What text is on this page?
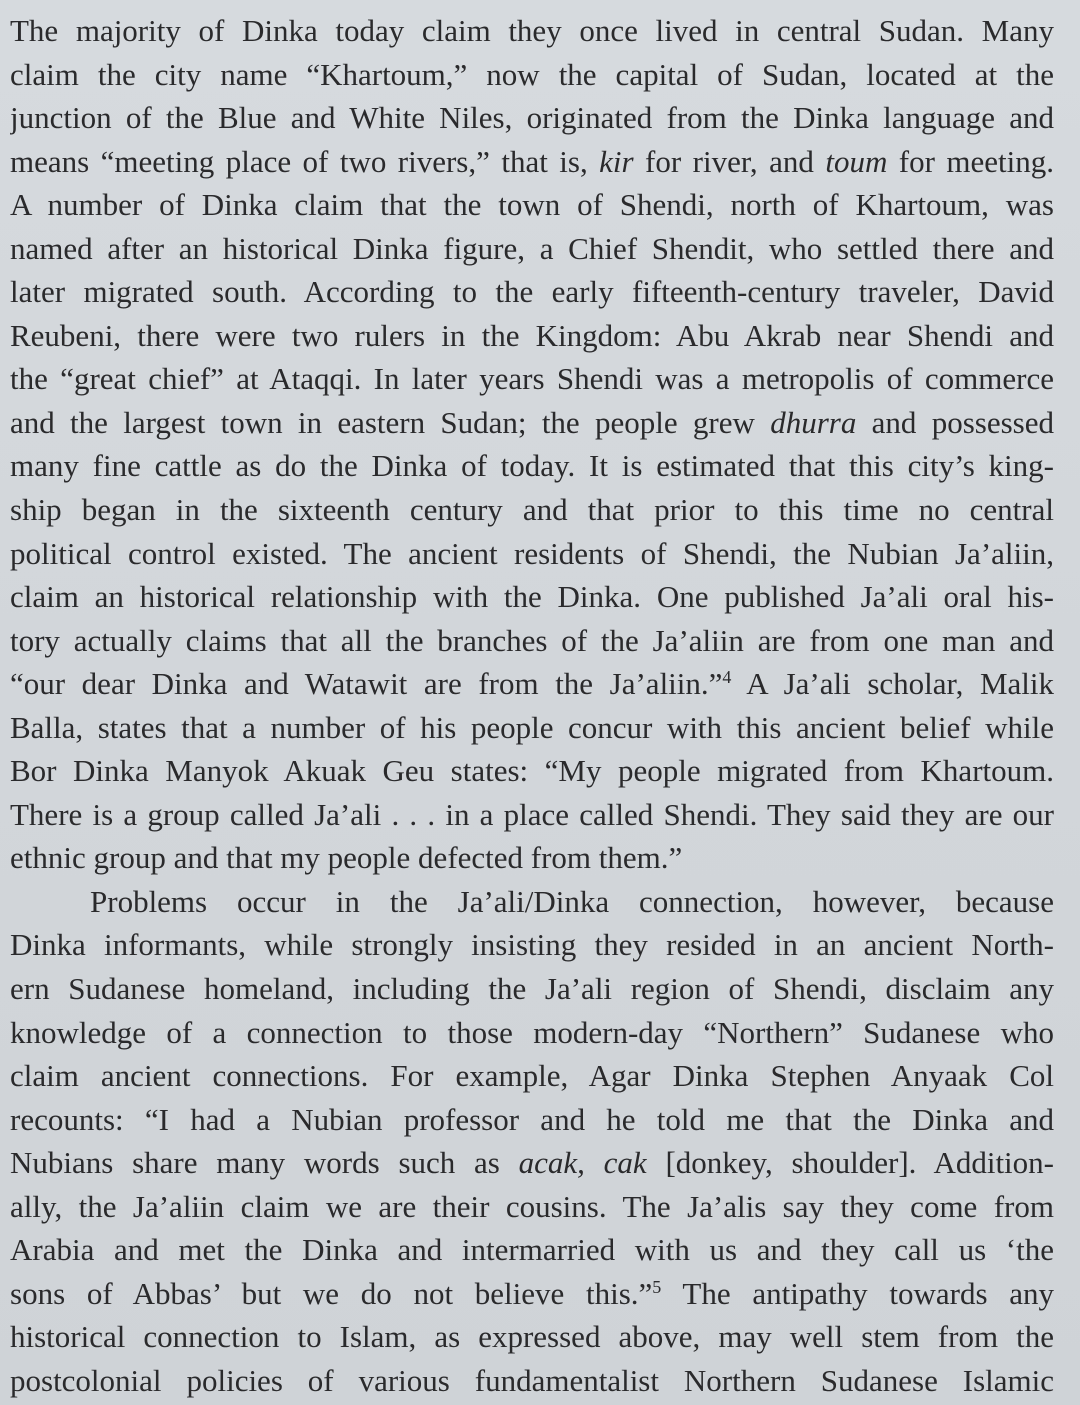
The majority of Dinka today claim they once lived in central Sudan. Many
claim the city name “Khartoum,” now the capital of Sudan, located at the
junction of the Blue and White Niles, originated from the Dinka language and
means “meeting place of two rivers,” that is, kir for river, and toum for meeting.
A number of Dinka claim that the town of Shendi, north of Khartoum, was
named after an historical Dinka figure, a Chief Shendit, who settled there and
later migrated south. According to the early fifteenth-century traveler, David
Reubeni, there were two rulers in the Kingdom: Abu Akrab near Shendi and
the “great chief” at Ataqqi. In later years Shendi was a metropolis of commerce
and the largest town in eastern Sudan; the people grew dhurra and possessed
many fine cattle as do the Dinka of today. It is estimated that this city’s king-
ship began in the sixteenth century and that prior to this time no central
political control existed. The ancient residents of Shendi, the Nubian Ja’aliin,
claim an historical relationship with the Dinka. One published Ja’ali oral his-
tory actually claims that all the branches of the Ja’aliin are from one man and
“our dear Dinka and Watawit are from the Ja’aliin.”$^4$ A Ja’ali scholar, Malik
Balla, states that a number of his people concur with this ancient belief while
Bor Dinka Manyok Akuak Geu states: “My people migrated from Khartoum.
There is a group called Ja’ali . . . in a place called Shendi. They said they are our
ethnic group and that my people defected from them.”
Problems occur in the Ja’ali/Dinka connection, however, because
Dinka informants, while strongly insisting they resided in an ancient North-
ern Sudanese homeland, including the Ja’ali region of Shendi, disclaim any
knowledge of a connection to those modern-day “Northern” Sudanese who
claim ancient connections. For example, Agar Dinka Stephen Anyaak Col
recounts: “I had a Nubian professor and he told me that the Dinka and
Nubians share many words such as acak, cak [donkey, shoulder]. Addition-
ally, the Ja’aliin claim we are their cousins. The Ja’alis say they come from
Arabia and met the Dinka and intermarried with us and they call us ‘the
sons of Abbas’ but we do not believe this.”$^5$ The antipathy towards any
historical connection to Islam, as expressed above, may well stem from the
postcolonial policies of various fundamentalist Northern Sudanese Islamic
